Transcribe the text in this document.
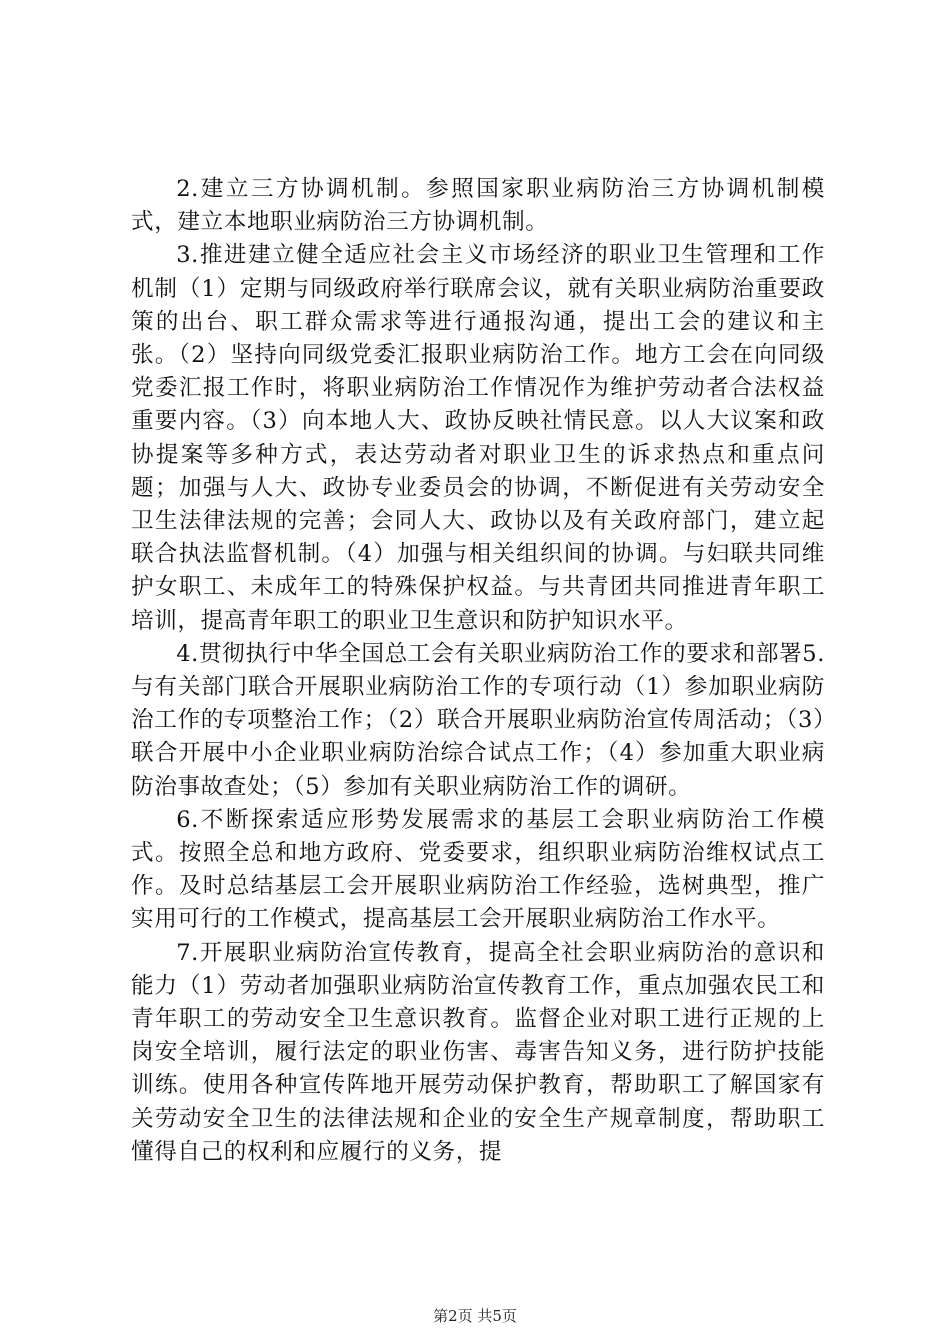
2.建立三方协调机制。参照国家职业病防治三方协调机制模式，建立本地职业病防治三方协调机制。

3.推进建立健全适应社会主义市场经济的职业卫生管理和工作机制（1）定期与同级政府举行联席会议，就有关职业病防治重要政策的出台、职工群众需求等进行通报沟通，提出工会的建议和主张。（2）坚持向同级党委汇报职业病防治工作。地方工会在向同级党委汇报工作时，将职业病防治工作情况作为维护劳动者合法权益重要内容。（3）向本地人大、政协反映社情民意。以人大议案和政协提案等多种方式，表达劳动者对职业卫生的诉求热点和重点问题；加强与人大、政协专业委员会的协调，不断促进有关劳动安全卫生法律法规的完善；会同人大、政协以及有关政府部门，建立起联合执法监督机制。（4）加强与相关组织间的协调。与妇联共同维护女职工、未成年工的特殊保护权益。与共青团共同推进青年职工培训，提高青年职工的职业卫生意识和防护知识水平。

4.贯彻执行中华全国总工会有关职业病防治工作的要求和部署5.与有关部门联合开展职业病防治工作的专项行动（1）参加职业病防治工作的专项整治工作；（2）联合开展职业病防治宣传周活动；（3）联合开展中小企业职业病防治综合试点工作；（4）参加重大职业病防治事故查处；（5）参加有关职业病防治工作的调研。

6.不断探索适应形势发展需求的基层工会职业病防治工作模式。按照全总和地方政府、党委要求，组织职业病防治维权试点工作。及时总结基层工会开展职业病防治工作经验，选树典型，推广实用可行的工作模式，提高基层工会开展职业病防治工作水平。

7.开展职业病防治宣传教育，提高全社会职业病防治的意识和能力（1）劳动者加强职业病防治宣传教育工作，重点加强农民工和青年职工的劳动安全卫生意识教育。监督企业对职工进行正规的上岗安全培训，履行法定的职业伤害、毒害告知义务，进行防护技能训练。使用各种宣传阵地开展劳动保护教育，帮助职工了解国家有关劳动安全卫生的法律法规和企业的安全生产规章制度，帮助职工懂得自己的权利和应履行的义务，提

第2页 共5页
